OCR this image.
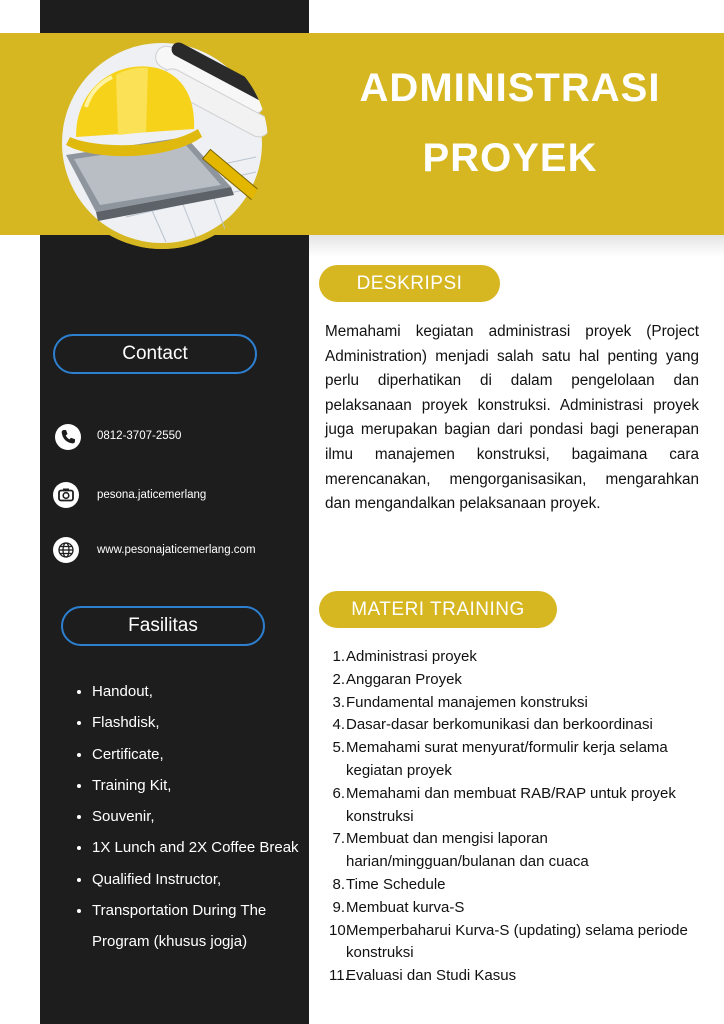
ADMINISTRASI
PROYEK
Contact
0812-3707-2550
pesona.jaticemerlang
www.pesonajaticemerlang.com
Fasilitas
• Handout,
• Flashdisk,
• Certificate,
• Training Kit,
• Souvenir,
• 1X Lunch and 2X Coffee Break
• Qualified Instructor,
• Transportation During The Program (khusus jogja)
DESKRIPSI

Memahami kegiatan administrasi proyek (Project Administration) menjadi salah satu hal penting yang perlu diperhatikan di dalam pengelolaan dan pelaksanaan proyek konstruksi. Administrasi proyek juga merupakan bagian dari pondasi bagi penerapan ilmu manajemen konstruksi, bagaimana cara merencanakan, mengorganisasikan, mengarahkan dan mengandalkan pelaksanaan proyek.

MATERI TRAINING
1. Administrasi proyek
2. Anggaran Proyek
3. Fundamental manajemen konstruksi
4. Dasar-dasar berkomunikasi dan berkoordinasi
5. Memahami surat menyurat/formulir kerja selama kegiatan proyek
6. Memahami dan membuat RAB/RAP untuk proyek konstruksi
7. Membuat dan mengisi laporan harian/mingguan/bulanan dan cuaca
8. Time Schedule
9. Membuat kurva-S
10.
Memperbaharui Kurva-S (updating) selama periode konstruksi
11.
Evaluasi dan Studi Kasus
